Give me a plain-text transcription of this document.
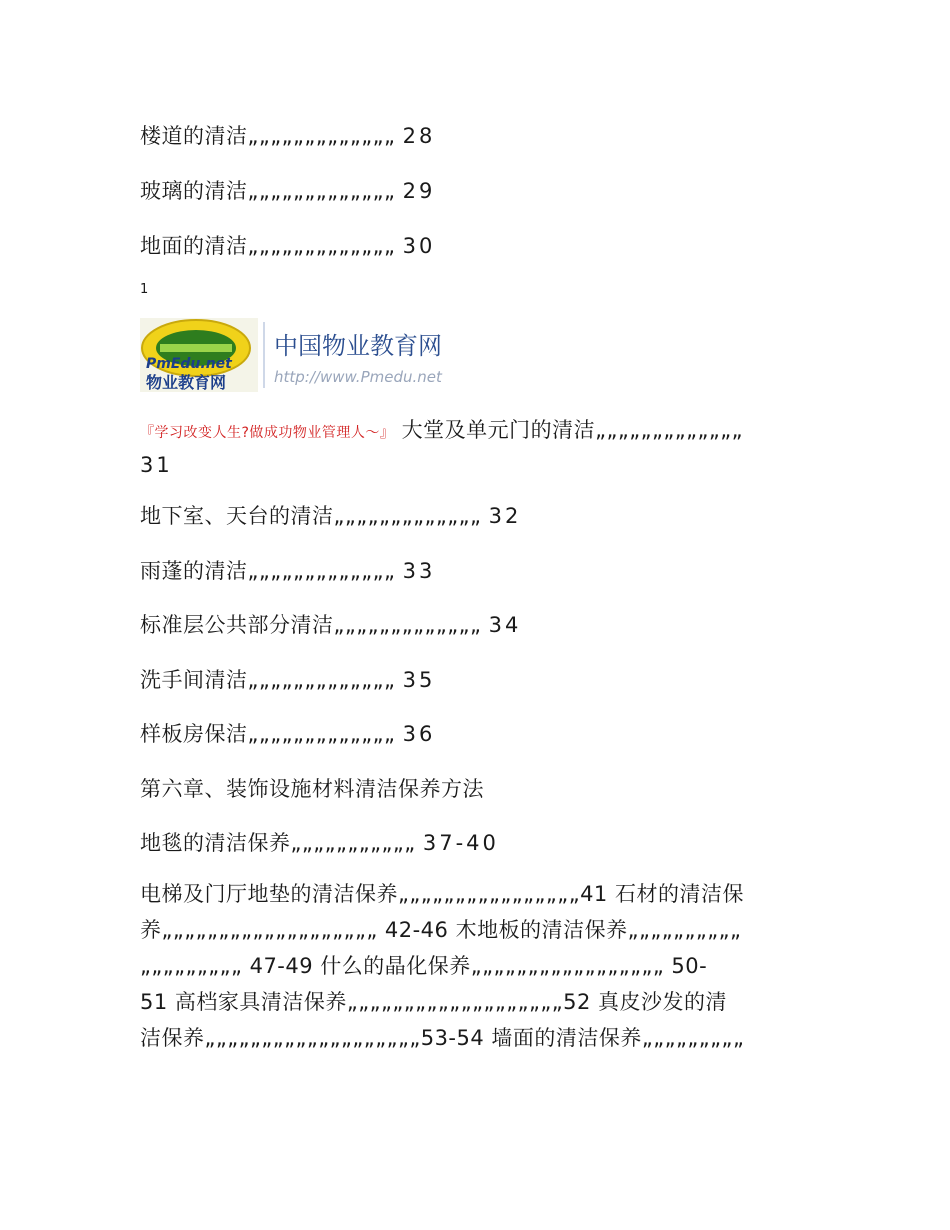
楼道的清洁„„„„„„„„„„„„„ 28
玻璃的清洁„„„„„„„„„„„„„ 29
地面的清洁„„„„„„„„„„„„„ 30
1
PmEdu.net
物业教育网
中国物业教育网
http://www.Pmedu.net
『学习改变人生?做成功物业管理人～』 大堂及单元门的清洁„„„„„„„„„„„„„
31
地下室、天台的清洁„„„„„„„„„„„„„ 32
雨蓬的清洁„„„„„„„„„„„„„ 33
标准层公共部分清洁„„„„„„„„„„„„„ 34
洗手间清洁„„„„„„„„„„„„„ 35
样板房保洁„„„„„„„„„„„„„ 36
第六章、装饰设施材料清洁保养方法
地毯的清洁保养„„„„„„„„„„„ 37-40
电梯及门厅地垫的清洁保养„„„„„„„„„„„„„„„„41 石材的清洁保
养„„„„„„„„„„„„„„„„„„„ 42-46 木地板的清洁保养„„„„„„„„„„
„„„„„„„„„ 47-49 什么的晶化保养„„„„„„„„„„„„„„„„„ 50-
51 高档家具清洁保养„„„„„„„„„„„„„„„„„„„52 真皮沙发的清
洁保养„„„„„„„„„„„„„„„„„„„53-54 墙面的清洁保养„„„„„„„„„
